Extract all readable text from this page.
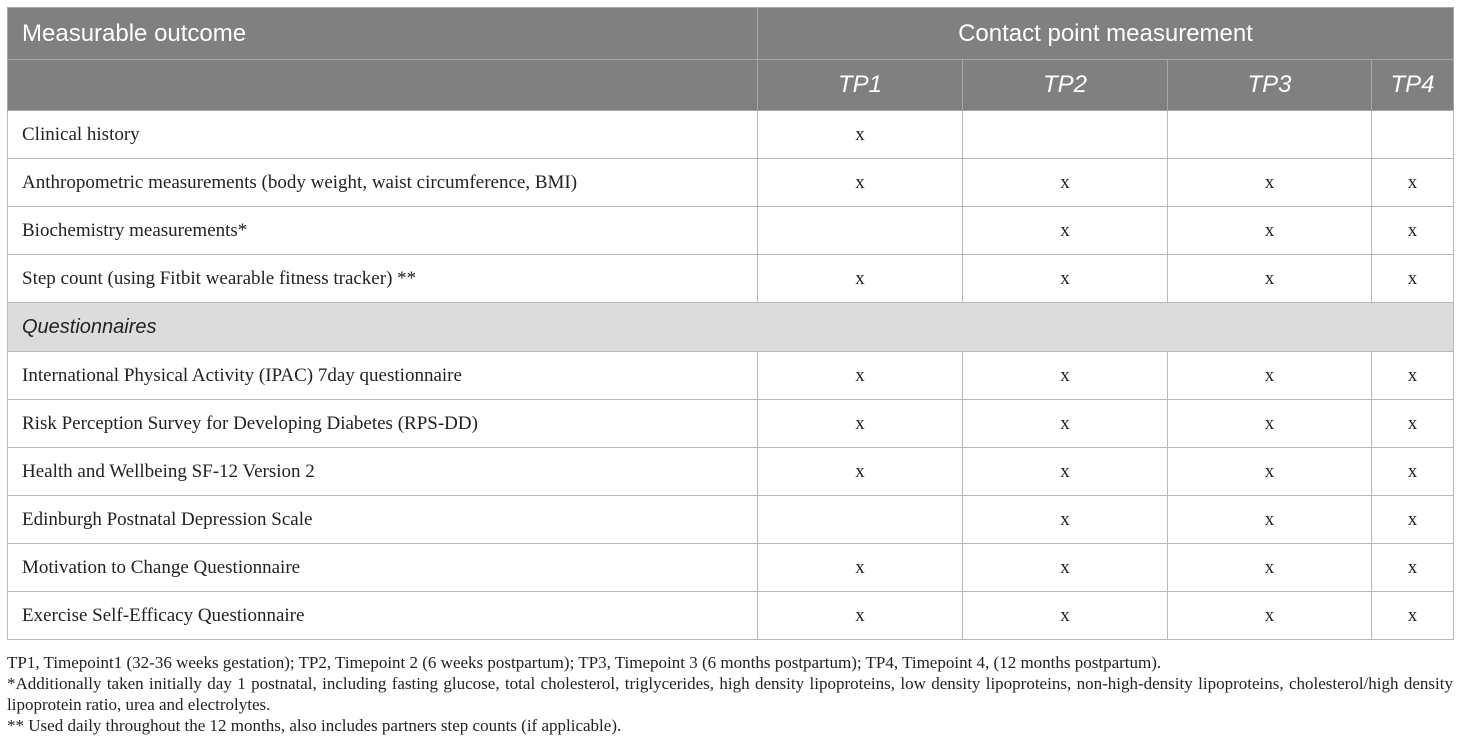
Measurable outcome	Contact point measurement			
	TP1	TP2	TP3	TP4
Clinical history	x			
Anthropometric measurements (body weight, waist circumference, BMI)	x	x	x	x
Biochemistry measurements*		x	x	x
Step count (using Fitbit wearable fitness tracker) **	x	x	x	x
Questionnaires				
International Physical Activity (IPAC) 7day questionnaire	x	x	x	x
Risk Perception Survey for Developing Diabetes (RPS-DD)	x	x	x	x
Health and Wellbeing SF-12 Version 2	x	x	x	x
Edinburgh Postnatal Depression Scale		x	x	x
Motivation to Change Questionnaire	x	x	x	x
Exercise Self-Efficacy Questionnaire	x	x	x	x

TP1, Timepoint1 (32-36 weeks gestation); TP2, Timepoint 2 (6 weeks postpartum); TP3, Timepoint 3 (6 months postpartum); TP4, Timepoint 4, (12 months postpartum).

*Additionally taken initially day 1 postnatal, including fasting glucose, total cholesterol, triglycerides, high density lipoproteins, low density lipoproteins, non-high-density lipoproteins, cholesterol/high density lipoprotein ratio, urea and electrolytes.

** Used daily throughout the 12 months, also includes partners step counts (if applicable).
